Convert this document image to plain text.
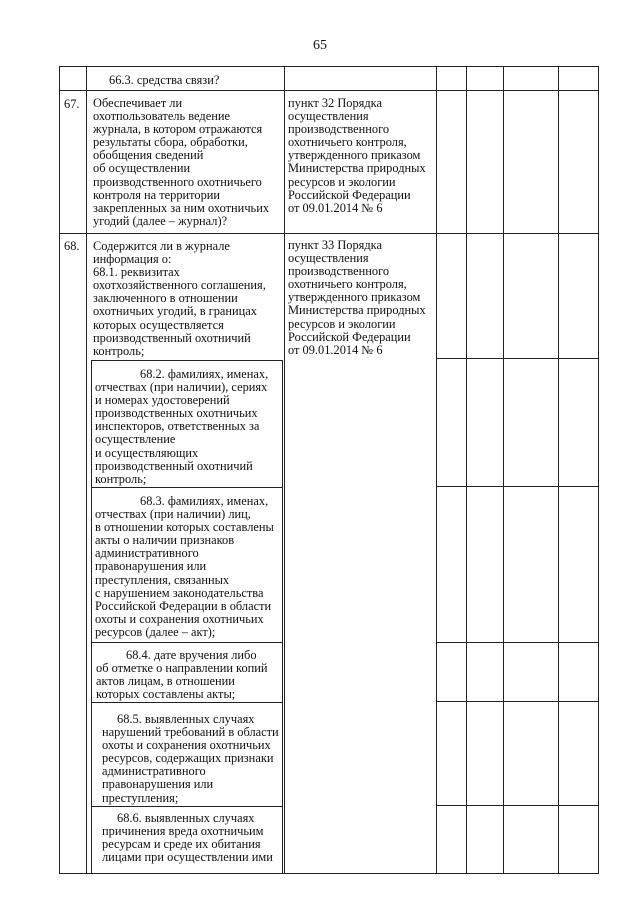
65
66.3. средства связи?
67. Обеспечивает ли
охотпользователь ведение
журнала, в котором отражаются
результаты сбора, обработки,
обобщения сведений
об осуществлении
производственного охотничьего
контроля на территории
закрепленных за ним охотничьих
угодий (далее – журнал)?
пункт 32 Порядка
осуществления
производственного
охотничьего контроля,
утвержденного приказом
Министерства природных
ресурсов и экологии
Российской Федерации
от 09.01.2014 № 6
68. Содержится ли в журнале
информация о:
68.1. реквизитах
охотхозяйственного соглашения,
заключенного в отношении
охотничьих угодий, в границах
которых осуществляется
производственный охотничий
контроль;
пункт 33 Порядка
осуществления
производственного
охотничьего контроля,
утвержденного приказом
Министерства природных
ресурсов и экологии
Российской Федерации
от 09.01.2014 № 6
68.2. фамилиях, именах,
отчествах (при наличии), сериях
и номерах удостоверений
производственных охотничьих
инспекторов, ответственных за
осуществление
и осуществляющих
производственный охотничий
контроль;
68.3. фамилиях, именах,
отчествах (при наличии) лиц,
в отношении которых составлены
акты о наличии признаков
административного
правонарушения или
преступления, связанных
с нарушением законодательства
Российской Федерации в области
охоты и сохранения охотничьих
ресурсов (далее – акт);
68.4. дате вручения либо
об отметке о направлении копий
актов лицам, в отношении
которых составлены акты;
68.5. выявленных случаях
нарушений требований в области
охоты и сохранения охотничьих
ресурсов, содержащих признаки
административного
правонарушения или
преступления;
68.6. выявленных случаях
причинения вреда охотничьим
ресурсам и среде их обитания
лицами при осуществлении ими
